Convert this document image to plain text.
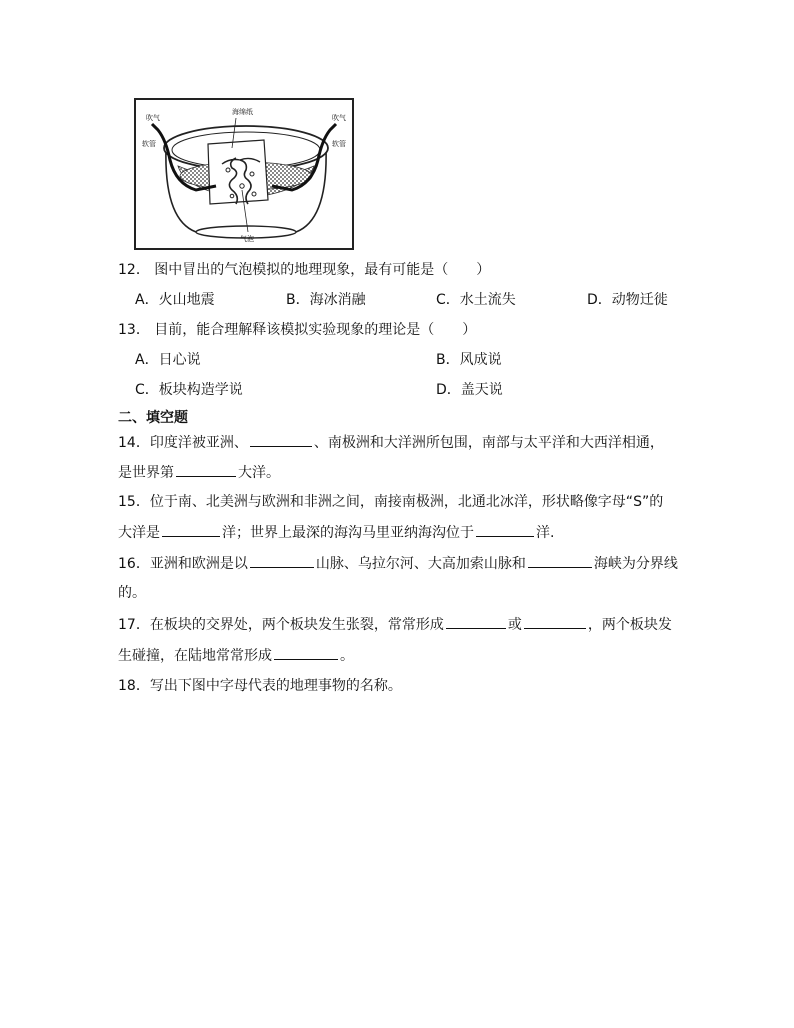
海绵纸
气泡
吹气
软管
吹气
软管
12． 图中冒出的气泡模拟的地理现象，最有可能是（　　）
A．火山地震	B．海冰消融	C．水土流失	D．动物迁徙
13． 目前，能合理解释该模拟实验现象的理论是（　　）
A．日心说	B．风成说
C．板块构造学说	D．盖天说
二、填空题
14．印度洋被亚洲、	、南极洲和大洋洲所包围，南部与太平洋和大西洋相通，
是世界第	大洋。
15．位于南、北美洲与欧洲和非洲之间，南接南极洲，北通北冰洋，形状略像字母“S”的
大洋是	洋；世界上最深的海沟马里亚纳海沟位于	洋.
16．亚洲和欧洲是以	山脉、乌拉尔河、大高加索山脉和	海峡为分界线
的。
17．在板块的交界处，两个板块发生张裂，常常形成	或	，两个板块发
生碰撞，在陆地常常形成	。
18．写出下图中字母代表的地理事物的名称。
